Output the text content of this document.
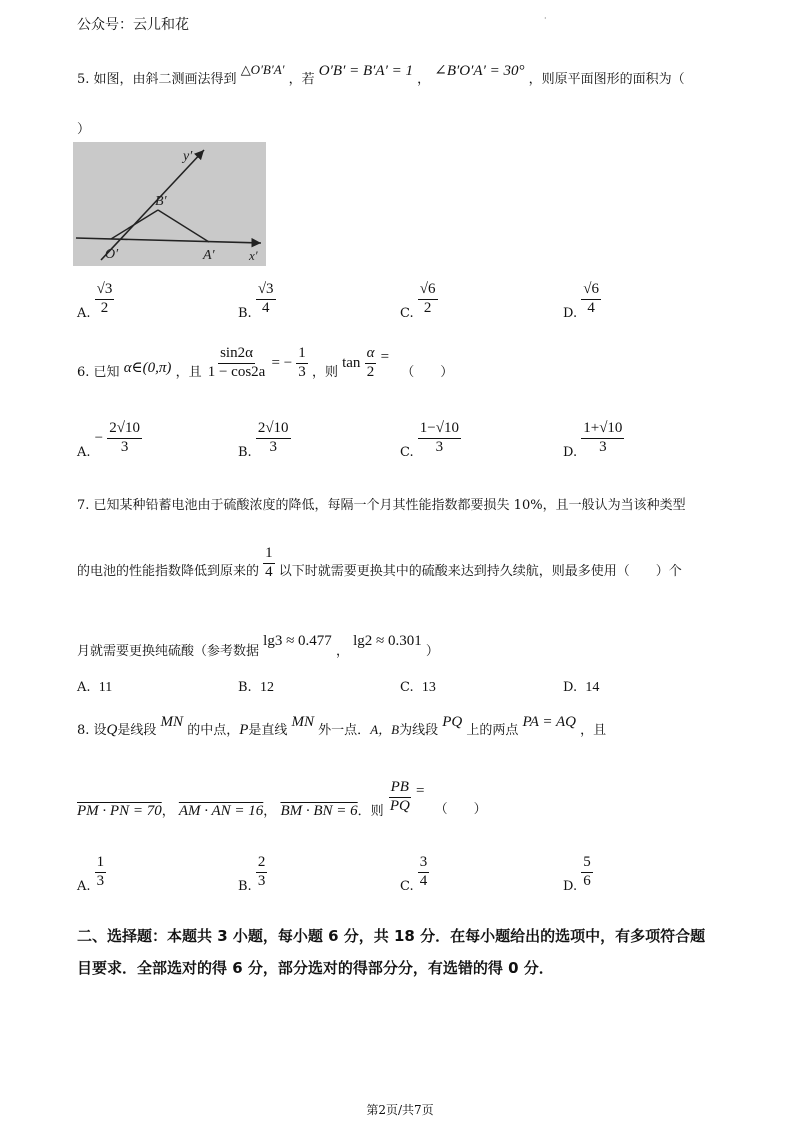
公众号：云儿和花	·
5. 如图，由斜二测画法得到 △O′B′A′ ，若 O′B′ = B′A′ = 1 ， ∠B′O′A′ = 30° ，则原平面图形的面积为（
）
y′
B′
O′	A′	x′
A. $\frac{√3}{2}$	B. $\frac{√3}{4}$	C. $\frac{√6}{2}$	D. $\frac{√6}{4}$
6. 已知 α∈(0,π) ，且 $\frac{\sin 2\alpha}{1 - \cos 2a}$ = − $\frac{1}{3}$ ，则 $\tan \frac{\alpha}{2}$ = （　　）
A. − $\frac{2√10}{3}$	B. $\frac{2√10}{3}$	C. $\frac{1-√10}{3}$	D. $\frac{1+√10}{3}$
7. 已知某种铅蓄电池由于硫酸浓度的降低，每隔一个月其性能指数都要损失 10%，且一般认为当该种类型
的电池的性能指数降低到原来的 $\frac{1}{4}$ 以下时就需要更换其中的硫酸来达到持久续航，则最多使用（　　）个
月就需要更换纯硫酸（参考数据 lg3 ≈ 0.477 ， lg2 ≈ 0.301 ）
A. 11	B. 12	C. 13	D. 14
8. 设Q是线段 MN 的中点，P是直线 MN 外一点．A，B为线段 PQ 上的两点 PA = AQ ，且
PM · PN = 70， AM · AN = 16， BM · BN = 6．则 $\frac{PB}{PQ}$ = （　　）
A. $\frac{1}{3}$	B. $\frac{2}{3}$	C. $\frac{3}{4}$	D. $\frac{5}{6}$
二、选择题：本题共 3 小题，每小题 6 分，共 18 分．在每小题给出的选项中，有多项符合题
目要求．全部选对的得 6 分，部分选对的得部分分，有选错的得 0 分．
第2页/共7页
